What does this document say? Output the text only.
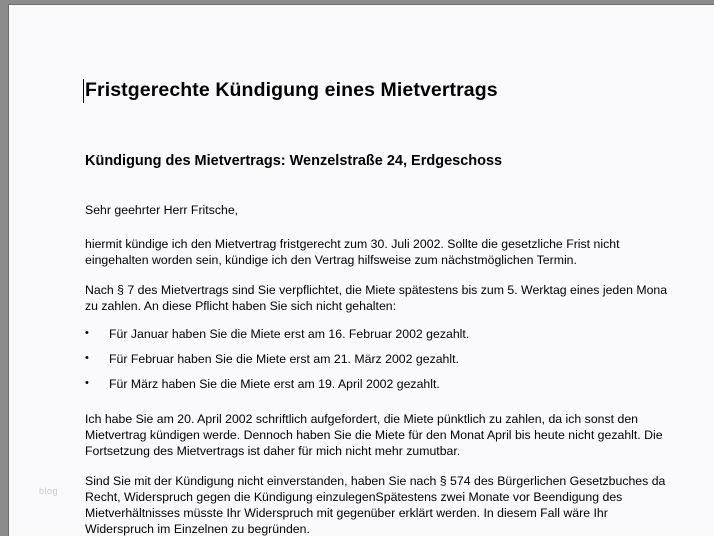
blog
Fristgerechte Kündigung eines Mietvertrags
Kündigung des Mietvertrags: Wenzelstraße 24, Erdgeschoss
Sehr geehrter Herr Fritsche,
hiermit kündige ich den Mietvertrag fristgerecht zum 30. Juli 2002. Sollte die gesetzliche Frist nicht
eingehalten worden sein, kündige ich den Vertrag hilfsweise zum nächstmöglichen Termin.
Nach § 7 des Mietvertrags sind Sie verpflichtet, die Miete spätestens bis zum 5. Werktag eines jeden Mona
zu zahlen. An diese Pflicht haben Sie sich nicht gehalten:
• Für Januar haben Sie die Miete erst am 16. Februar 2002 gezahlt.
• Für Februar haben Sie die Miete erst am 21. März 2002 gezahlt.
• Für März haben Sie die Miete erst am 19. April 2002 gezahlt.
Ich habe Sie am 20. April 2002 schriftlich aufgefordert, die Miete pünktlich zu zahlen, da ich sonst den
Mietvertrag kündigen werde. Dennoch haben Sie die Miete für den Monat April bis heute nicht gezahlt. Die
Fortsetzung des Mietvertrags ist daher für mich nicht mehr zumutbar.
Sind Sie mit der Kündigung nicht einverstanden, haben Sie nach § 574 des Bürgerlichen Gesetzbuches da
Recht, Widerspruch gegen die Kündigung einzulegenSpätestens zwei Monate vor Beendigung des
Mietverhältnisses müsste Ihr Widerspruch mit gegenüber erklärt werden. In diesem Fall wäre Ihr
Widerspruch im Einzelnen zu begründen.
